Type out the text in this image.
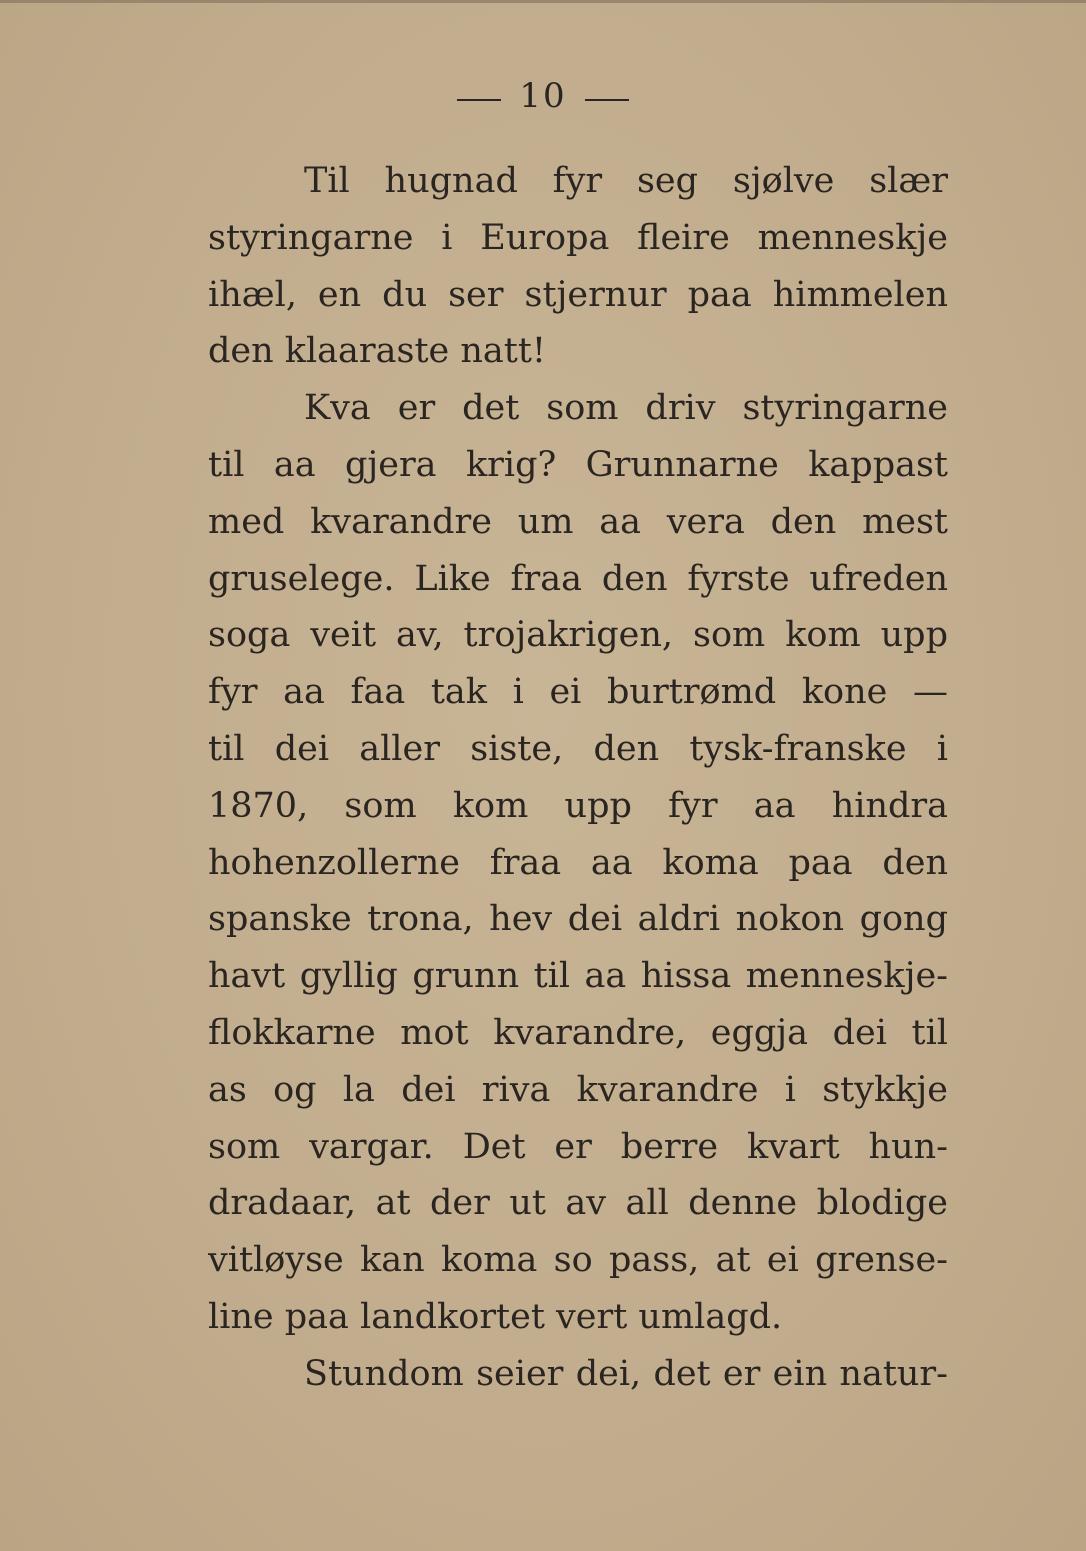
10
Til hugnad fyr seg sjølve slær
styringarne i Europa fleire menneskje
ihæl, en du ser stjernur paa himmelen
den klaaraste natt!
Kva er det som driv styringarne
til aa gjera krig? Grunnarne kappast
med kvarandre um aa vera den mest
gruselege. Like fraa den fyrste ufreden
soga veit av, trojakrigen, som kom upp
fyr aa faa tak i ei burtrømd kone —
til dei aller siste, den tysk-franske i
1870, som kom upp fyr aa hindra
hohenzollerne fraa aa koma paa den
spanske trona, hev dei aldri nokon gong
havt gyllig grunn til aa hissa menneskje-
flokkarne mot kvarandre, eggja dei til
as og la dei riva kvarandre i stykkje
som vargar. Det er berre kvart hun-
dradaar, at der ut av all denne blodige
vitløyse kan koma so pass, at ei grense-
line paa landkortet vert umlagd.
Stundom seier dei, det er ein natur-
